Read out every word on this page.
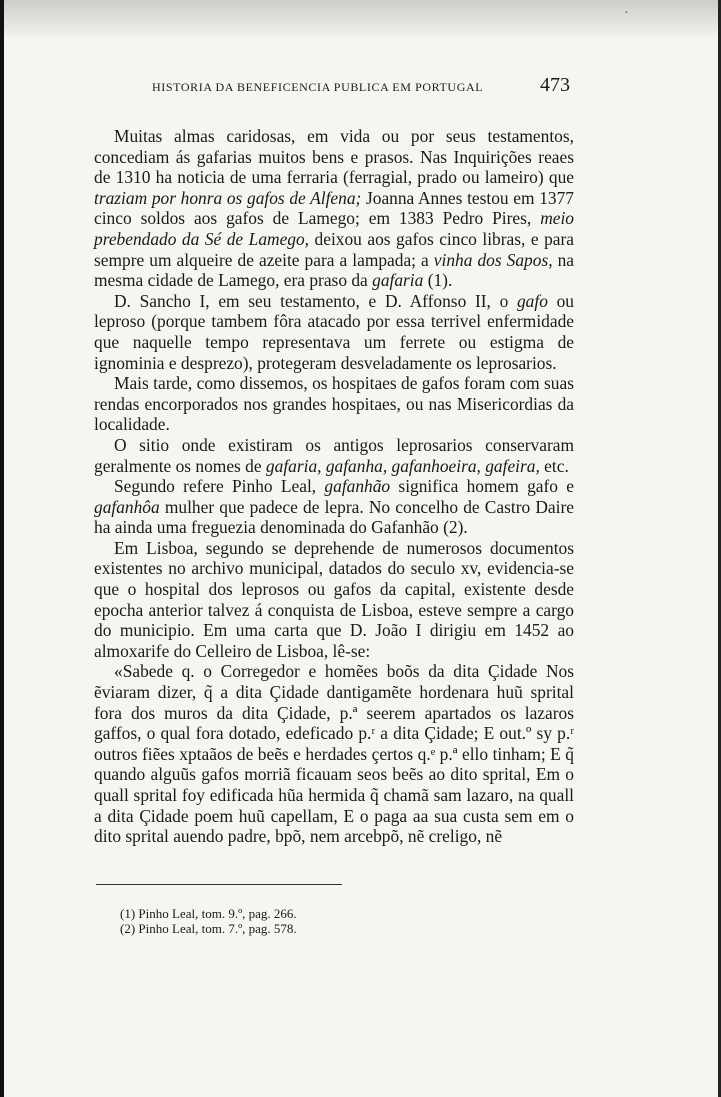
·
HISTORIA DA BENEFICENCIA PUBLICA EM PORTUGAL	473

Muitas almas caridosas, em vida ou por seus testamentos, concediam ás gafarias muitos bens e prasos. Nas Inquirições reaes de 1310 ha noticia de uma ferraria (ferragial, prado ou lameiro) que traziam por honra os gafos de Alfena; Joanna Annes testou em 1377 cinco soldos aos gafos de Lamego; em 1383 Pedro Pires, meio prebendado da Sé de Lamego, deixou aos gafos cinco libras, e para sempre um alqueire de azeite para a lampada; a vinha dos Sapos, na mesma cidade de Lamego, era praso da gafaria (1).

D. Sancho I, em seu testamento, e D. Affonso II, o gafo ou leproso (porque tambem fôra atacado por essa terrivel enfermidade que naquelle tempo representava um ferrete ou estigma de ignominia e desprezo), protegeram desveladamente os leprosarios.

Mais tarde, como dissemos, os hospitaes de gafos foram com suas rendas encorporados nos grandes hospitaes, ou nas Misericordias da localidade.

O sitio onde existiram os antigos leprosarios conservaram geralmente os nomes de gafaria, gafanha, gafanhoeira, gafeira, etc.

Segundo refere Pinho Leal, gafanhão significa homem gafo e gafanhôa mulher que padece de lepra. No concelho de Castro Daire ha ainda uma freguezia denominada do Gafanhão (2).

Em Lisboa, segundo se deprehende de numerosos documentos existentes no archivo municipal, datados do seculo xv, evidencia-se que o hospital dos leprosos ou gafos da capital, existente desde epocha anterior talvez á conquista de Lisboa, esteve sempre a cargo do municipio. Em uma carta que D. João I dirigiu em 1452 ao almoxarife do Celleiro de Lisboa, lê-se:

«Sabede q. o Corregedor e homẽes boõs da dita Çidade Nos ẽviaram dizer, q̃ a dita Çidade dantigamẽte hordenara huũ sprital fora dos muros da dita Çidade, p.ª seerem apartados os lazaros gaffos, o qual fora dotado, edeficado p.ʳ a dita Çidade; E out.º sy p.ʳ outros fiẽes xptaãos de beẽs e herdades çertos q.ᵉ p.ª ello tinham; E q̃ quando alguũs gafos morriã ficauam seos beẽs ao dito sprital, Em o quall sprital foy edificada hũa hermida q̃ chamã sam lazaro, na quall a dita Çidade poem huũ capellam, E o paga aa sua custa sem em o dito sprital auendo padre, bpõ, nem arcebpõ, nẽ creligo, nẽ

(1) Pinho Leal, tom. 9.º, pag. 266.

(2) Pinho Leal, tom. 7.º, pag. 578.
